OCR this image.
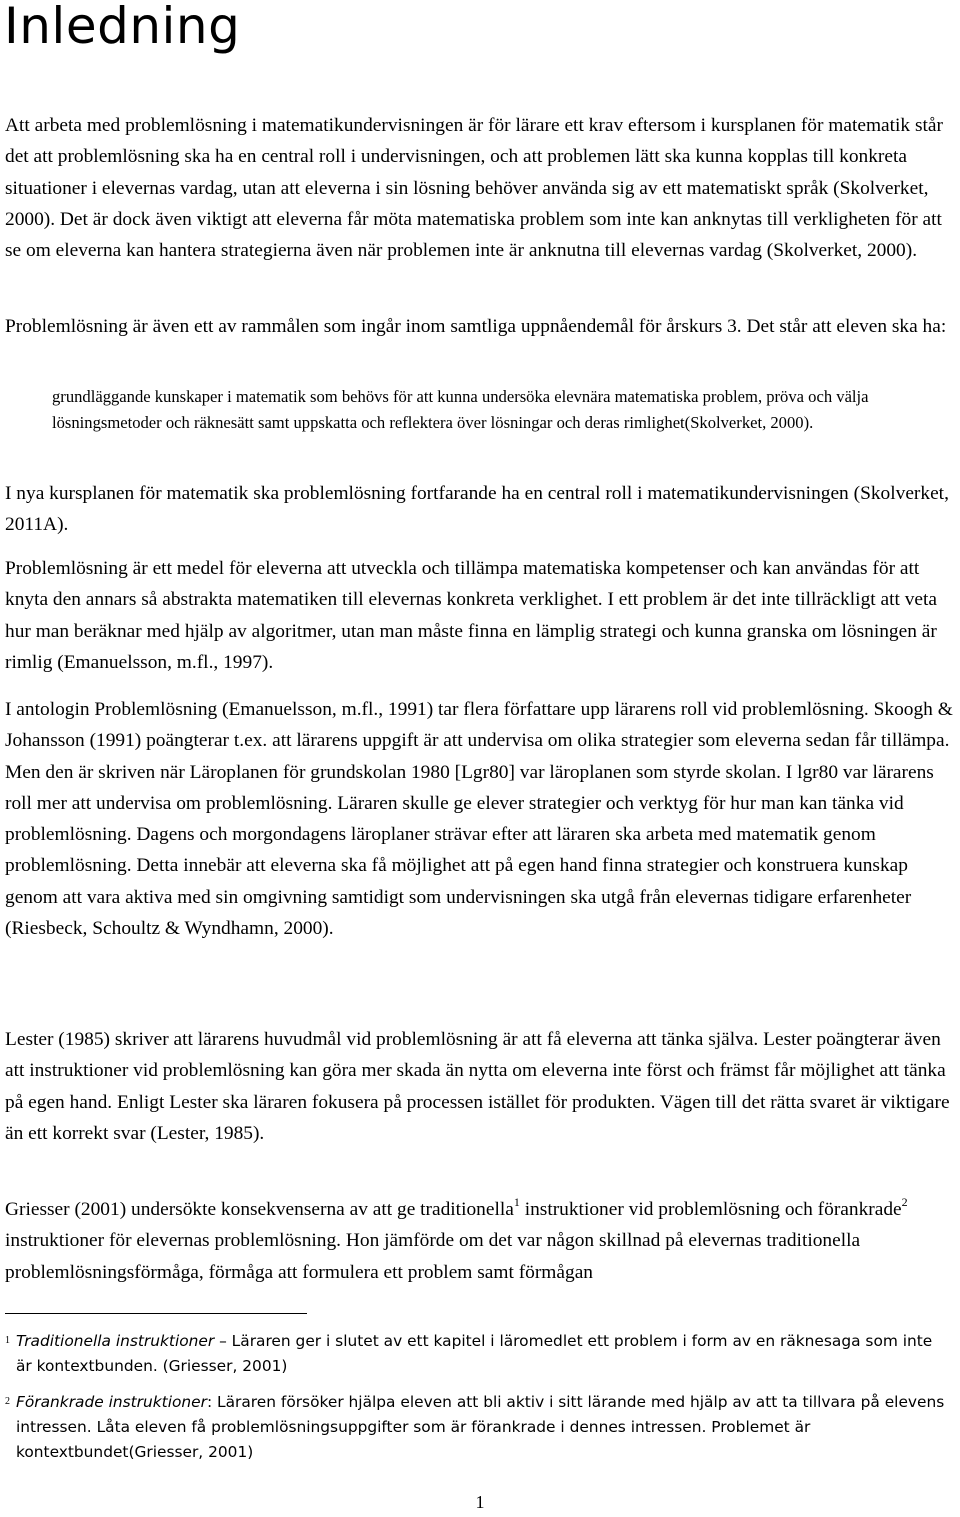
Inledning

Att arbeta med problemlösning i matematikundervisningen är för lärare ett krav eftersom i kursplanen för matematik står det att problemlösning ska ha en central roll i undervisningen, och att problemen lätt ska kunna kopplas till konkreta situationer i elevernas vardag, utan att eleverna i sin lösning behöver använda sig av ett matematiskt språk (Skolverket, 2000). Det är dock även viktigt att eleverna får möta matematiska problem som inte kan anknytas till verkligheten för att se om eleverna kan hantera strategierna även när problemen inte är anknutna till elevernas vardag (Skolverket, 2000).

Problemlösning är även ett av rammålen som ingår inom samtliga uppnåendemål för årskurs 3. Det står att eleven ska ha:

grundläggande kunskaper i matematik som behövs för att kunna undersöka elevnära matematiska problem, pröva och välja lösningsmetoder och räknesätt samt uppskatta och reflektera över lösningar och deras rimlighet(Skolverket, 2000).

I nya kursplanen för matematik ska problemlösning fortfarande ha en central roll i matematikundervisningen (Skolverket, 2011A).

Problemlösning är ett medel för eleverna att utveckla och tillämpa matematiska kompetenser och kan användas för att knyta den annars så abstrakta matematiken till elevernas konkreta verklighet. I ett problem är det inte tillräckligt att veta hur man beräknar med hjälp av algoritmer, utan man måste finna en lämplig strategi och kunna granska om lösningen är rimlig (Emanuelsson, m.fl., 1997).

I antologin Problemlösning (Emanuelsson, m.fl., 1991) tar flera författare upp lärarens roll vid problemlösning. Skoogh & Johansson (1991) poängterar t.ex. att lärarens uppgift är att undervisa om olika strategier som eleverna sedan får tillämpa. Men den är skriven när Läroplanen för grundskolan 1980 [Lgr80] var läroplanen som styrde skolan. I lgr80 var lärarens roll mer att undervisa om problemlösning. Läraren skulle ge elever strategier och verktyg för hur man kan tänka vid problemlösning. Dagens och morgondagens läroplaner strävar efter att läraren ska arbeta med matematik genom problemlösning. Detta innebär att eleverna ska få möjlighet att på egen hand finna strategier och konstruera kunskap genom att vara aktiva med sin omgivning samtidigt som undervisningen ska utgå från elevernas tidigare erfarenheter (Riesbeck, Schoultz & Wyndhamn, 2000).

Lester (1985) skriver att lärarens huvudmål vid problemlösning är att få eleverna att tänka själva. Lester poängterar även att instruktioner vid problemlösning kan göra mer skada än nytta om eleverna inte först och främst får möjlighet att tänka på egen hand. Enligt Lester ska läraren fokusera på processen istället för produkten. Vägen till det rätta svaret är viktigare än ett korrekt svar (Lester, 1985).

Griesser (2001) undersökte konsekvenserna av att ge traditionella$^1$ instruktioner vid problemlösning och förankrade$^2$ instruktioner för elevernas problemlösning. Hon jämförde om det var någon skillnad på elevernas traditionella problemlösningsförmåga, förmåga att formulera ett problem samt förmågan

1 Traditionella instruktioner – Läraren ger i slutet av ett kapitel i läromedlet ett problem i form av en räknesaga som inte är kontextbunden. (Griesser, 2001)

2 Förankrade instruktioner: Läraren försöker hjälpa eleven att bli aktiv i sitt lärande med hjälp av att ta tillvara på elevens intressen. Låta eleven få problemlösningsuppgifter som är förankrade i dennes intressen. Problemet är kontextbundet(Griesser, 2001)

1
